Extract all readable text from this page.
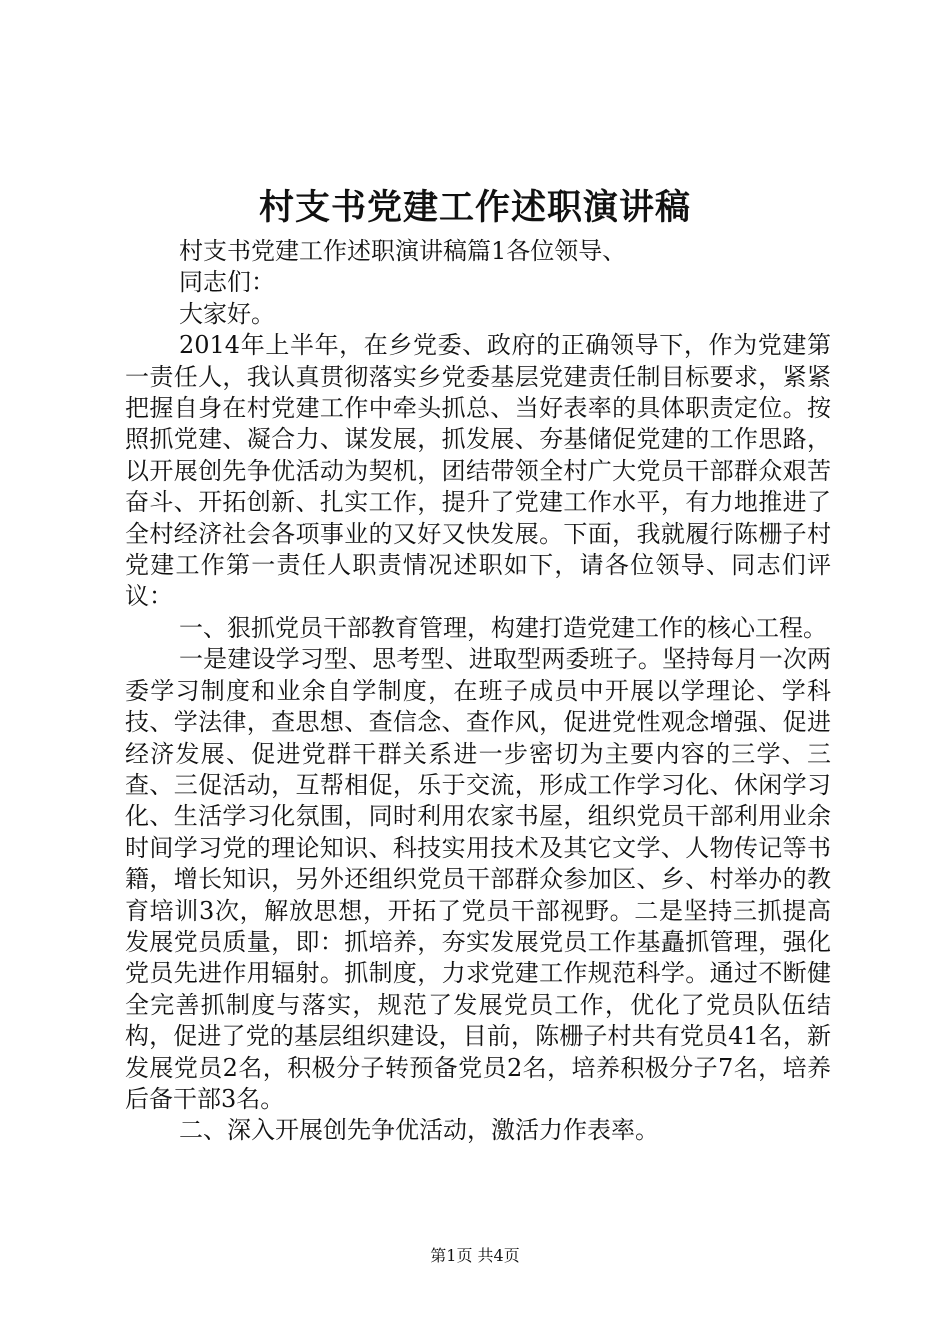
村支书党建工作述职演讲稿

村支书党建工作述职演讲稿篇1各位领导、

同志们：

大家好。

2014年上半年，在乡党委、政府的正确领导下，作为党建第一责任人，我认真贯彻落实乡党委基层党建责任制目标要求，紧紧把握自身在村党建工作中牵头抓总、当好表率的具体职责定位。按照抓党建、凝合力、谋发展，抓发展、夯基储促党建的工作思路，以开展创先争优活动为契机，团结带领全村广大党员干部群众艰苦奋斗、开拓创新、扎实工作，提升了党建工作水平，有力地推进了全村经济社会各项事业的又好又快发展。下面，我就履行陈栅子村党建工作第一责任人职责情况述职如下，请各位领导、同志们评议：

一、狠抓党员干部教育管理，构建打造党建工作的核心工程。

一是建设学习型、思考型、进取型两委班子。坚持每月一次两委学习制度和业余自学制度，在班子成员中开展以学理论、学科技、学法律，查思想、查信念、查作风，促进党性观念增强、促进经济发展、促进党群干群关系进一步密切为主要内容的三学、三查、三促活动，互帮相促，乐于交流，形成工作学习化、休闲学习化、生活学习化氛围，同时利用农家书屋，组织党员干部利用业余时间学习党的理论知识、科技实用技术及其它文学、人物传记等书籍，增长知识，另外还组织党员干部群众参加区、乡、村举办的教育培训3次，解放思想，开拓了党员干部视野。二是坚持三抓提高发展党员质量，即：抓培养，夯实发展党员工作基矗抓管理，强化党员先进作用辐射。抓制度，力求党建工作规范科学。通过不断健全完善抓制度与落实，规范了发展党员工作，优化了党员队伍结构，促进了党的基层组织建设，目前，陈栅子村共有党员41名，新发展党员2名，积极分子转预备党员2名，培养积极分子7名，培养后备干部3名。

二、深入开展创先争优活动，激活力作表率。

第1页 共4页
